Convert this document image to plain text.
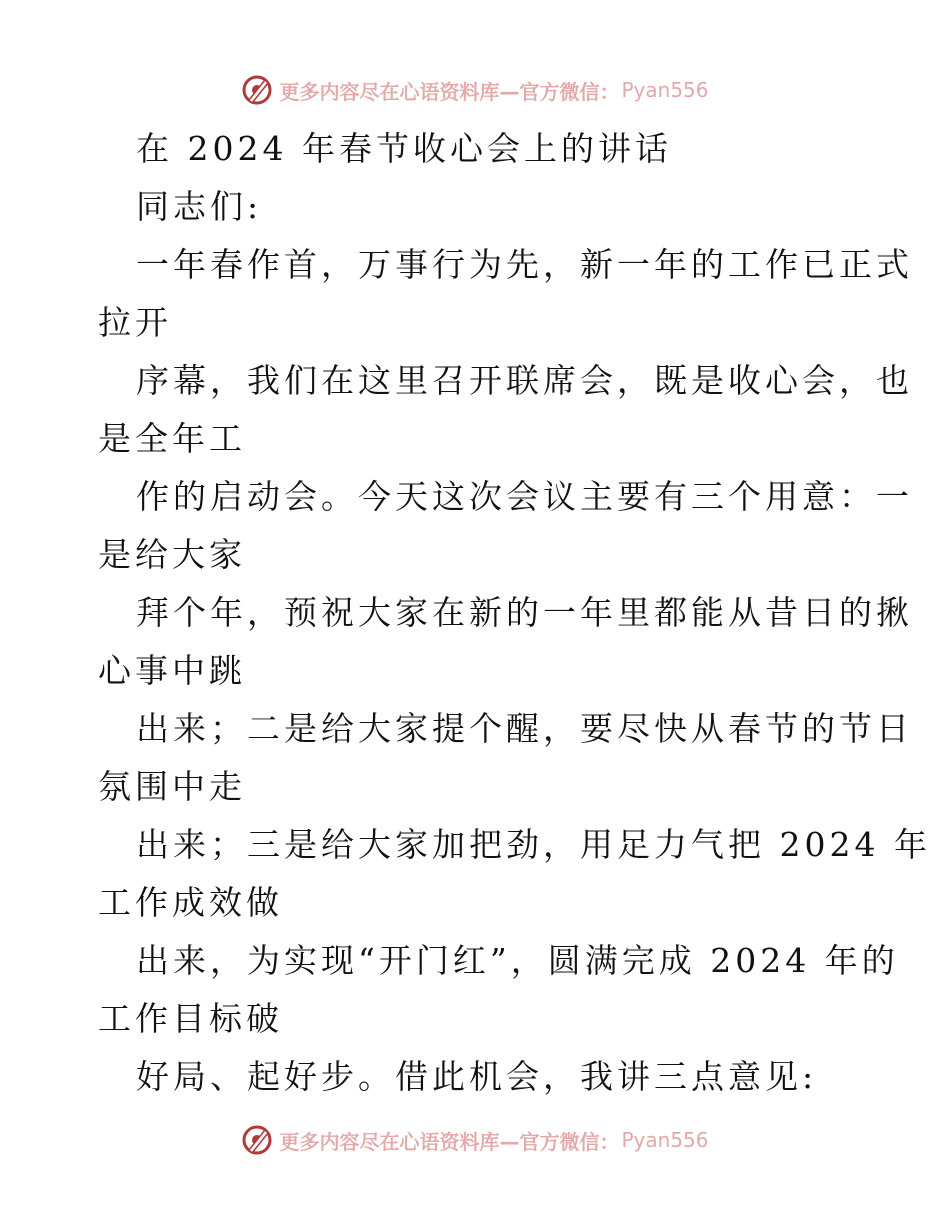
更多内容尽在心语资料库—官方微信： Pyan556
在 2024 年春节收心会上的讲话
同志们:
一年春作首，万事行为先，新一年的工作已正式
拉开
序幕，我们在这里召开联席会，既是收心会，也
是全年工
作的启动会。今天这次会议主要有三个用意：一
是给大家
拜个年，预祝大家在新的一年里都能从昔日的揪
心事中跳
出来；二是给大家提个醒，要尽快从春节的节日
氛围中走
出来；三是给大家加把劲，用足力气把 2024 年
工作成效做
出来，为实现“开门红”，圆满完成 2024 年的
工作目标破
好局、起好步。借此机会，我讲三点意见:
更多内容尽在心语资料库—官方微信： Pyan556
